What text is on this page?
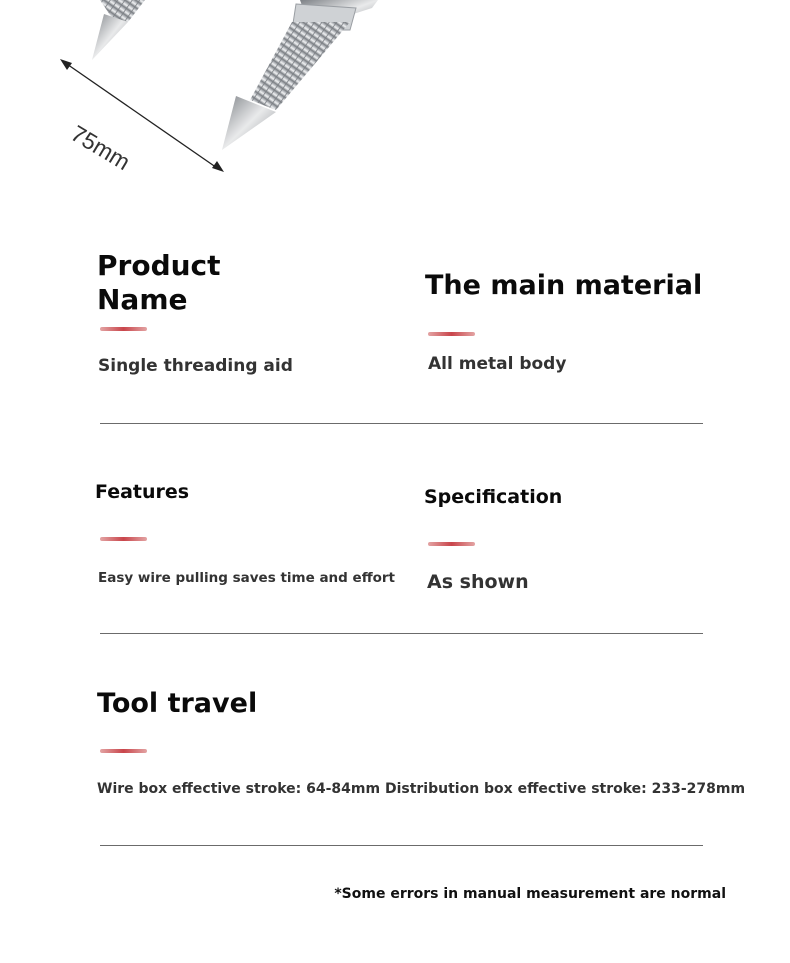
75mm
Product
Name
Single threading aid
The main material
All metal body
Features
Easy wire pulling saves time and effort
Specification
As shown
Tool travel
Wire box effective stroke: 64-84mm Distribution box effective stroke: 233-278mm
*Some errors in manual measurement are normal
